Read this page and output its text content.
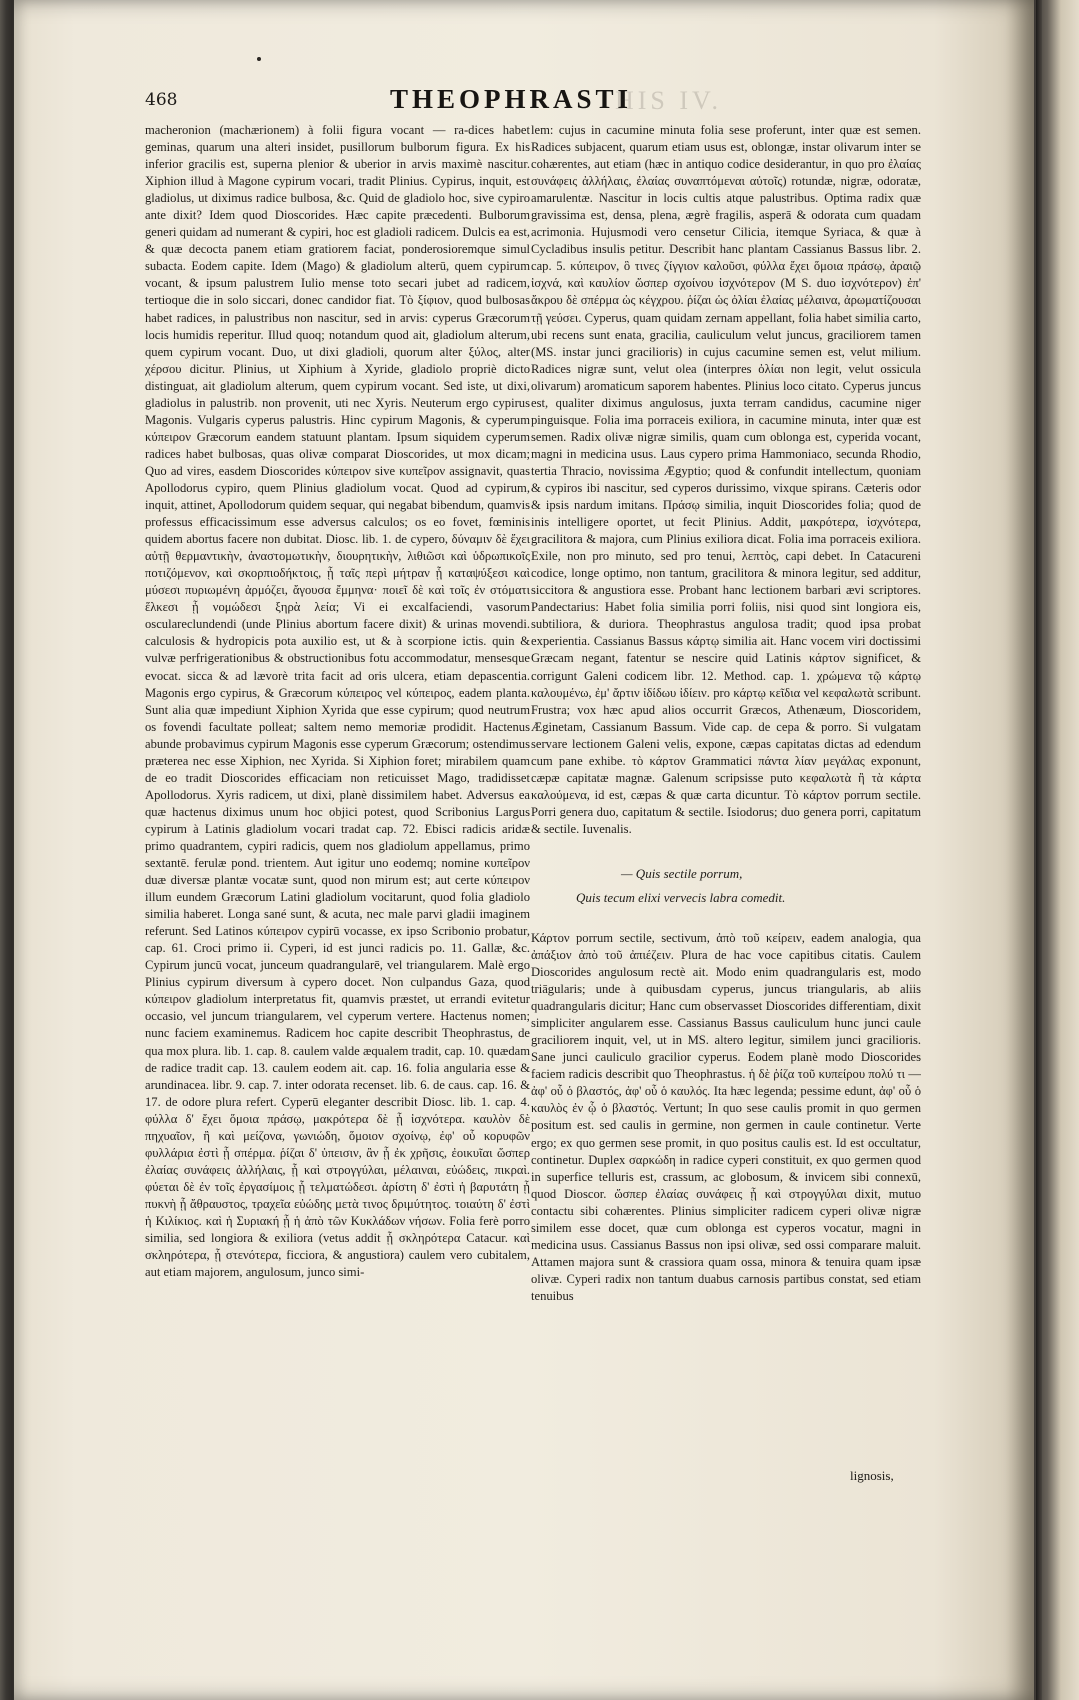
468	THEOPHRASTI
HIS IV.

macheronion (machærionem) à folii figura vocant — ra-dices habet geminas, quarum una alteri insidet, pusillorum bulborum figura. Ex his inferior gracilis est, superna plenior & uberior in arvis maximè nascitur. Xiphion illud à Magone cypirum vocari, tradit Plinius. Cypirus, inquit, est gladiolus, ut diximus radice bulbosa, &c. Quid de gladiolo hoc, sive cypiro ante dixit? Idem quod Dioscorides. Hæc capite præcedenti. Bulborum generi quidam ad numerant & cypiri, hoc est gladioli radicem. Dulcis ea est, & quæ decocta panem etiam gratiorem faciat, ponderosioremque simul subacta. Eodem capite. Idem (Mago) & gladiolum alterū, quem cypirum vocant, & ipsum palustrem Iulio mense toto secari jubet ad radicem, tertioque die in solo siccari, donec candidor fiat. Τὸ ξίφιον, quod bulbosas habet radices, in palustribus non nascitur, sed in arvis: cyperus Græcorum locis humidis reperitur. Illud quoq; notandum quod ait, gladiolum alterum, quem cypirum vocant. Duo, ut dixi gladioli, quorum alter ξύλος, alter χέρσου dicitur. Plinius, ut Xiphium à Xyride, gladiolo propriè dicto distinguat, ait gladiolum alterum, quem cypirum vocant. Sed iste, ut dixi, gladiolus in palustrib. non provenit, uti nec Xyris. Neuterum ergo cypirus Magonis. Vulgaris cyperus palustris. Hinc cypirum Magonis, & cyperum κύπειρον Græcorum eandem statuunt plantam. Ipsum siquidem cyperum radices habet bulbosas, quas olivæ comparat Dioscorides, ut mox dicam; Quo ad vires, easdem Dioscorides κύπειρον sive κυπεῖρον assignavit, quas Apollodorus cypiro, quem Plinius gladiolum vocat. Quod ad cypirum, inquit, attinet, Apollodorum quidem sequar, qui negabat bibendum, quamvis professus efficacissimum esse adversus calculos; os eo fovet, fœminis quidem abortus facere non dubitat. Diosc. lib. 1. de cypero, δύναμιν δὲ ἔχει αὐτῇ θερμαντικὴν, ἀναστομωτικὴν, διουρητικὴν, λιθιῶσι καὶ ὑδρωπικοῖς ποτιζόμενον, καὶ σκορπιοδήκτοις, ᾗ ταῖς περὶ μήτραν ᾗ καταψύξεσι καὶ μύσεσι πυριωμένη ἀρμόζει, ἄγουσα ἔμμηνα· ποιεῖ δὲ καὶ τοῖς ἐν στόματι ἕλκεσι ᾗ νομώδεσι ξηρὰ λεία; Vi ei excalfaciendi, vasorum osculareclundendi (unde Plinius abortum facere dixit) & urinas movendi. calculosis & hydropicis pota auxilio est, ut & à scorpione ictis. quin & vulvæ perfrigerationibus & obstructionibus fotu accommodatur, mensesque evocat. sicca & ad lævorè trita facit ad oris ulcera, etiam depascentia. Magonis ergo cypirus, & Græcorum κύπειρος vel κύπειρος, eadem planta. Sunt alia quæ impediunt Xiphion Xyrida que esse cypirum; quod neutrum os fovendi facultate polleat; saltem nemo memoriæ prodidit. Hactenus abunde probavimus cypirum Magonis esse cyperum Græcorum; ostendimus præterea nec esse Xiphion, nec Xyrida. Si Xiphion foret; mirabilem quam de eo tradit Dioscorides efficaciam non reticuisset Mago, tradidisset Apollodorus. Xyris radicem, ut dixi, planè dissimilem habet. Adversus ea quæ hactenus diximus unum hoc objici potest, quod Scribonius Largus cypirum à Latinis gladiolum vocari tradat cap. 72. Ebisci radicis aridæ primo quadrantem, cypiri radicis, quem nos gladiolum appellamus, primo sextantē. ferulæ pond. trientem. Aut igitur uno eodemq; nomine κυπεῖρον duæ diversæ plantæ vocatæ sunt, quod non mirum est; aut certe κύπειρον illum eundem Græcorum Latini gladiolum vocitarunt, quod folia gladiolo similia haberet. Longa sané sunt, & acuta, nec male parvi gladii imaginem referunt. Sed Latinos κύπειρον cypirū vocasse, ex ipso Scribonio probatur, cap. 61. Croci primo ii. Cyperi, id est junci radicis po. 11. Gallæ, &c. Cypirum juncū vocat, junceum quadrangularē, vel triangularem. Malè ergo Plinius cypirum diversum à cypero docet. Non culpandus Gaza, quod κύπειρον gladiolum interpretatus fit, quamvis præstet, ut errandi evitetur occasio, vel juncum triangularem, vel cyperum vertere. Hactenus nomen; nunc faciem examinemus. Radicem hoc capite describit Theophrastus, de qua mox plura. lib. 1. cap. 8. caulem valde æqualem tradit, cap. 10. quædam de radice tradit cap. 13. caulem eodem ait. cap. 16. folia angularia esse & arundinacea. libr. 9. cap. 7. inter odorata recenset. lib. 6. de caus. cap. 16. & 17. de odore plura refert. Cyperū eleganter describit Diosc. lib. 1. cap. 4. φύλλα δ' ἔχει ὅμοια πράσῳ, μακρότερα δὲ ᾗ ἰσχνότερα. καυλὸν δὲ πηχυαῖον, ἢ καὶ μείζονα, γωνιώδη, ὅμοιον σχοίνῳ, ἐφ' οὗ κορυφῶν φυλλάρια ἐστὶ ᾗ σπέρμα. ῥίζαι δ' ὑπεισιν, ἂν ᾗ ἐκ χρῆσις, ἐοικυῖαι ὥσπερ ἐλαίας συνάφεις ἀλλήλαις, ᾗ καὶ στρογγύλαι, μέλαιναι, εὐώδεις, πικραὶ. φύεται δὲ ἐν τοῖς ἐργασίμοις ᾗ τελματώδεσι. ἀρίστη δ' ἐστὶ ἡ βαρυτάτη ᾗ πυκνὴ ᾗ ἄθραυστος, τραχεῖα εὐώδης μετὰ τινος δριμύτητος. τοιαύτη δ' ἐστὶ ἡ Κιλίκιος. καὶ ἡ Συριακή ᾗ ἡ ἀπὸ τῶν Κυκλάδων νήσων. Folia ferè porro similia, sed longiora & exiliora (vetus addit ᾗ σκληρότερα Catacur. καὶ σκληρότερα, ᾗ στενότερα, ficciora, & angustiora) caulem vero cubitalem, aut etiam majorem, angulosum, junco simi-

lem: cujus in cacumine minuta folia sese proferunt, inter quæ est semen. Radices subjacent, quarum etiam usus est, oblongæ, instar olivarum inter se cohærentes, aut etiam (hæc in antiquo codice desiderantur, in quo pro ἐλαίας συνάφεις ἀλλήλαις, ἐλαίας συναπτόμεναι αὐτοῖς) rotundæ, nigræ, odoratæ, amarulentæ. Nascitur in locis cultis atque palustribus. Optima radix quæ gravissima est, densa, plena, ægrè fragilis, asperā & odorata cum quadam acrimonia. Hujusmodi vero censetur Cilicia, itemque Syriaca, & quæ à Cycladibus insulis petitur. Describit hanc plantam Cassianus Bassus libr. 2. cap. 5. κύπειρον, ὃ τινες ζίγγιον καλοῦσι, φύλλα ἔχει ὅμοια πράσῳ, ἀραιῷ ἰσχνά, καὶ καυλίον ὥσπερ σχοίνου ἰσχνότερον (M S. duo ἰσχνότερον) ἐπ' ἄκρου δὲ σπέρμα ὡς κέγχρου. ῥίζαι ὡς ὀλίαι ἐλαίας μέλαινα, ἀρωματίζουσαι τῇ γεύσει. Cyperus, quam quidam zernam appellant, folia habet similia carto, ubi recens sunt enata, gracilia, cauliculum velut juncus, graciliorem tamen (MS. instar junci gracilioris) in cujus cacumine semen est, velut milium. Radices nigræ sunt, velut olea (interpres ὀλίαι non legit, velut ossicula olivarum) aromaticum saporem habentes. Plinius loco citato. Cyperus juncus est, qualiter diximus angulosus, juxta terram candidus, cacumine niger pinguisque. Folia ima porraceis exiliora, in cacumine minuta, inter quæ est semen. Radix olivæ nigræ similis, quam cum oblonga est, cyperida vocant, magni in medicina usus. Laus cypero prima Hammoniaco, secunda Rhodio, tertia Thracio, novissima Ægyptio; quod & confundit intellectum, quoniam & cypiros ibi nascitur, sed cyperos durissimo, vixque spirans. Cæteris odor & ipsis nardum imitans. Πράσῳ similia, inquit Dioscorides folia; quod de inis intelligere oportet, ut fecit Plinius. Addit, μακρότερα, ἰσχνότερα, gracilitora & majora, cum Plinius exiliora dicat. Folia ima porraceis exiliora. Exile, non pro minuto, sed pro tenui, λεπτὸς, capi debet. In Catacureni codice, longe optimo, non tantum, gracilitora & minora legitur, sed additur, siccitora & angustiora esse. Probant hanc lectionem barbari ævi scriptores. Pandectarius: Habet folia similia porri foliis, nisi quod sint longiora eis, subtiliora, & duriora. Theophrastus angulosa tradit; quod ipsa probat experientia. Cassianus Bassus κάρτῳ similia ait. Hanc vocem viri doctissimi Græcam negant, fatentur se nescire quid Latinis κάρτον significet, & corrigunt Galeni codicem libr. 12. Method. cap. 1. χρώμενα τῷ κάρτῳ καλουμένω, ἐμ' ἄρτιν ἰδίδωυ ἰδίειν. pro κάρτῳ κεῖδια vel κεφαλωτὰ scribunt. Frustra; vox hæc apud alios occurrit Græcos, Athenæum, Dioscoridem, Æginetam, Cassianum Bassum. Vide cap. de cepa & porro. Si vulgatam servare lectionem Galeni velis, expone, cæpas capitatas dictas ad edendum cum pane exhibe. τὸ κάρτον Grammatici πάντα λίαν μεγάλας exponunt, cæpæ capitatæ magnæ. Galenum scripsisse puto κεφαλωτὰ ἢ τὰ κάρτα καλούμενα, id est, cæpas & quæ carta dicuntur. Τὸ κάρτον porrum sectile. Porri genera duo, capitatum & sectile. Isiodorus; duo genera porri, capitatum & sectile. Iuvenalis.

— Quis sectile porrum,
Quis tecum elixi vervecis labra comedit.

Κάρτον porrum sectile, sectivum, ἀπὸ τοῦ κείρειν, eadem analogia, qua ἀπάξιον ἀπὸ τοῦ ἀπιέζειν. Plura de hac voce capitibus citatis. Caulem Dioscorides angulosum rectè ait. Modo enim quadrangularis est, modo triāgularis; unde à quibusdam cyperus, juncus triangularis, ab aliis quadrangularis dicitur; Hanc cum observasset Dioscorides differentiam, dixit simpliciter angularem esse. Cassianus Bassus cauliculum hunc junci caule graciliorem inquit, vel, ut in MS. altero legitur, similem junci gracilioris. Sane junci cauliculo gracilior cyperus. Eodem planè modo Dioscorides faciem radicis describit quo Theophrastus. ἡ δὲ ῥίζα τοῦ κυπείρου πολύ τι — ἀφ' οὗ ὁ βλαστός, ἀφ' οὗ ὁ καυλός. Ita hæc legenda; pessime edunt, ἀφ' οὗ ὁ καυλὸς ἐν ᾧ ὁ βλαστός. Vertunt; In quo sese caulis promit in quo germen positum est. sed caulis in germine, non germen in caule continetur. Verte ergo; ex quo germen sese promit, in quo positus caulis est. Id est occultatur, continetur. Duplex σαρκώδη in radice cyperi constituit, ex quo germen quod in superfice telluris est, crassum, ac globosum, & invicem sibi connexū, quod Dioscor. ὥσπερ ἐλαίας συνάφεις ᾗ καὶ στρογγύλαι dixit, mutuo contactu sibi cohærentes. Plinius simpliciter radicem cyperi olivæ nigræ similem esse docet, quæ cum oblonga est cyperos vocatur, magni in medicina usus. Cassianus Bassus non ipsi olivæ, sed ossi comparare maluit. Attamen majora sunt & crassiora quam ossa, minora & tenuira quam ipsæ olivæ. Cyperi radix non tantum duabus carnosis partibus constat, sed etiam tenuibus

lignosis,
